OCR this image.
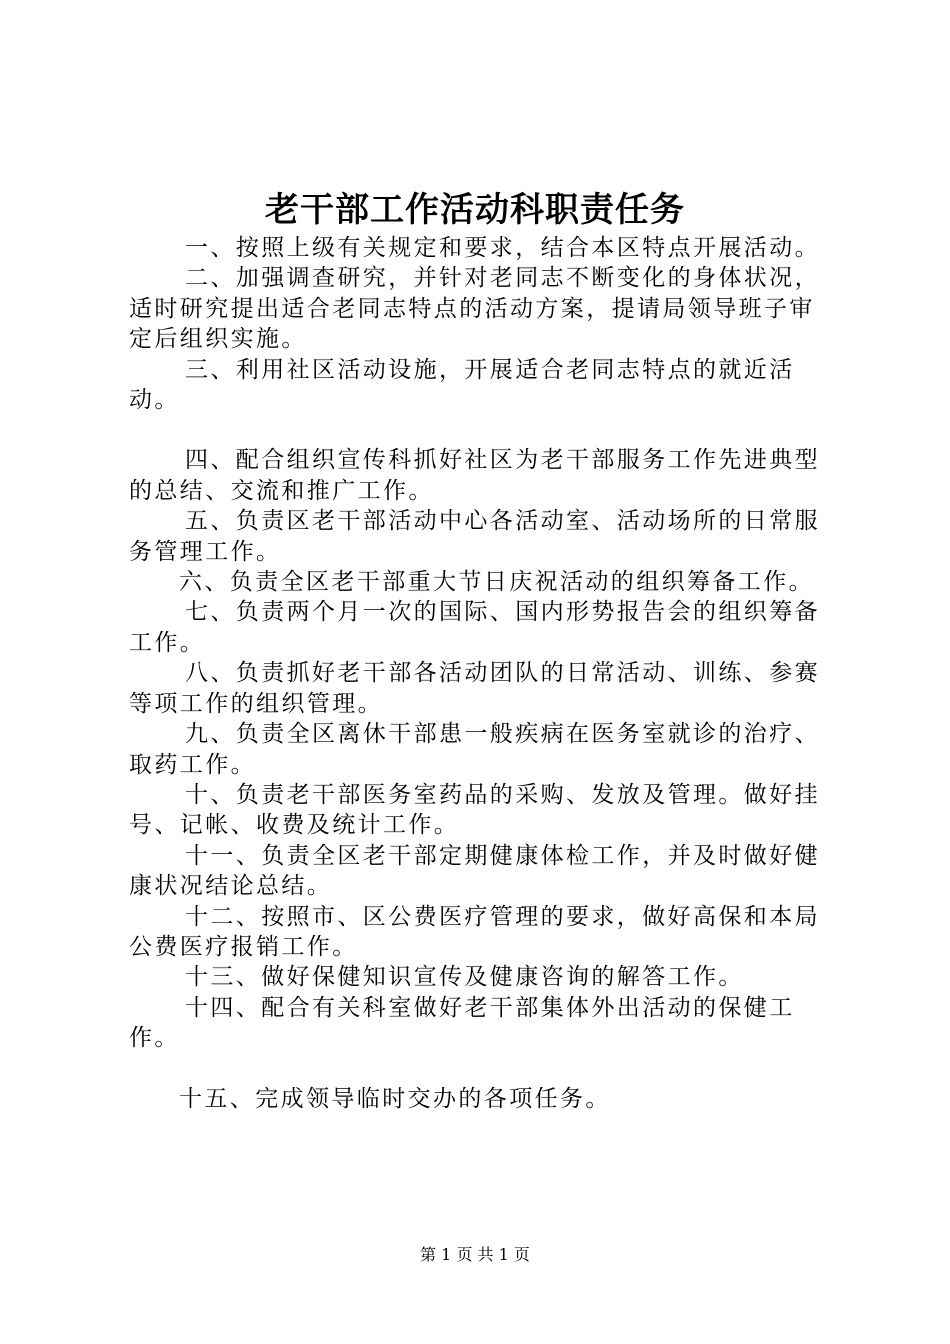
老干部工作活动科职责任务

一、按照上级有关规定和要求，结合本区特点开展活动。

二、加强调查研究，并针对老同志不断变化的身体状况，适时研究提出适合老同志特点的活动方案，提请局领导班子审定后组织实施。

三、利用社区活动设施，开展适合老同志特点的就近活动。

四、配合组织宣传科抓好社区为老干部服务工作先进典型的总结、交流和推广工作。

五、负责区老干部活动中心各活动室、活动场所的日常服务管理工作。

六、负责全区老干部重大节日庆祝活动的组织筹备工作。

七、负责两个月一次的国际、国内形势报告会的组织筹备工作。

八、负责抓好老干部各活动团队的日常活动、训练、参赛等项工作的组织管理。

九、负责全区离休干部患一般疾病在医务室就诊的治疗、取药工作。

十、负责老干部医务室药品的采购、发放及管理。做好挂号、记帐、收费及统计工作。

十一、负责全区老干部定期健康体检工作，并及时做好健康状况结论总结。

十二、按照市、区公费医疗管理的要求，做好高保和本局公费医疗报销工作。

十三、做好保健知识宣传及健康咨询的解答工作。

十四、配合有关科室做好老干部集体外出活动的保健工作。

十五、完成领导临时交办的各项任务。

第 1 页 共 1 页
